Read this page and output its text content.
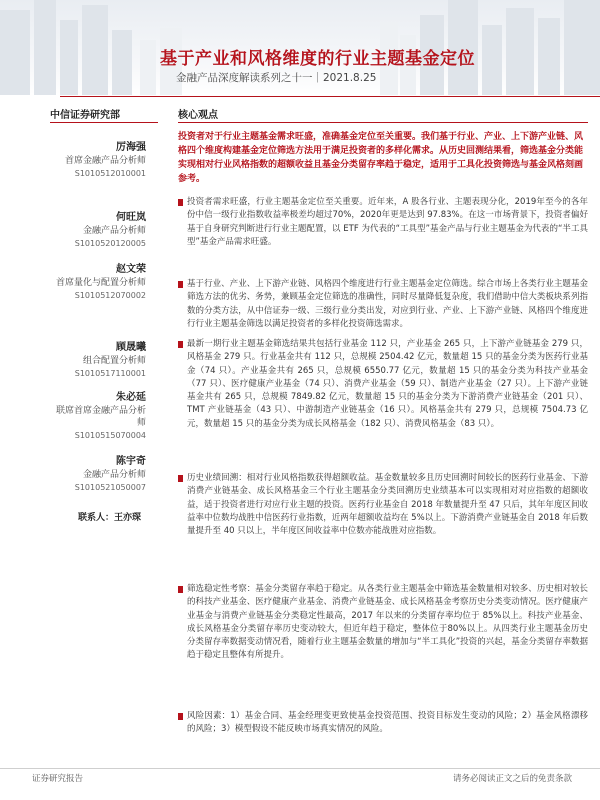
基于产业和风格维度的行业主题基金定位
金融产品深度解读系列之十一｜2021.8.25
中信证券研究部
厉海强
首席金融产品分析师
S1010512010001
何旺岚
金融产品分析师
S1010520120005
赵文荣
首席量化与配置分析师
S1010512070002
顾晟曦
组合配置分析师
S1010517110001
朱必延
联席首席金融产品分析师
S1010515070004
陈宇奇
金融产品分析师
S1010521050007
联系人：王亦琛
核心观点
投资者对于行业主题基金需求旺盛，准确基金定位至关重要。我们基于行业、产业、上下游产业链、风格四个维度构建基金定位筛选方法用于满足投资者的多样化需求。从历史回测结果看，筛选基金分类能实现相对行业风格指数的超额收益且基金分类留存率趋于稳定，适用于工具化投资筛选与基金风格刻画参考。
投资者需求旺盛，行业主题基金定位至关重要。近年来，A 股各行业、主题表现分化，2019年至今的各年份中信一级行业指数收益率极差均超过70%，2020年更是达到 97.83%。在这一市场背景下，投资者偏好基于自身研究判断进行行业主题配置，以 ETF 为代表的“工具型”基金产品与行业主题基金为代表的“半工具型”基金产品需求旺盛。
基于行业、产业、上下游产业链、风格四个维度进行行业主题基金定位筛选。综合市场上各类行业主题基金筛选方法的优劣、务势，兼顾基金定位筛选的准确性，同时尽量降低复杂度，我们借助中信大类板块系列指数的分类方法，从中信证券一级、三级行业分类出发，对应到行业、产业、上下游产业链、风格四个维度进行行业主题基金筛选以满足投资者的多样化投资筛选需求。
最新一期行业主题基金筛选结果共包括行业基金 112 只，产业基金 265 只，上下游产业链基金 279 只，风格基金 279 只。行业基金共有 112 只，总规模 2504.42 亿元，数量超 15 只的基金分类为医药行业基金（74 只）。产业基金共有 265 只，总规模 6550.77 亿元，数量超 15 只的基金分类为科技产业基金（77 只）、医疗健康产业基金（74 只）、消费产业基金（59 只）、制造产业基金（27 只）。上下游产业链基金共有 265 只，总规模 7849.82 亿元，数量超 15 只的基金分类为下游消费产业链基金（201 只）、TMT 产业链基金（43 只）、中游制造产业链基金（16 只）。风格基金共有 279 只，总规模 7504.73 亿元，数量超 15 只的基金分类为成长风格基金（182 只）、消费风格基金（83 只）。
历史业绩回溯：相对行业风格指数获得超额收益。基金数量较多且历史回溯时间较长的医药行业基金、下游消费产业链基金、成长风格基金三个行业主题基金分类回溯历史业绩基本可以实现相对对应指数的超额收益，适于投资者进行对应行业主题的投资。医药行业基金自 2018 年数量提升至 47 只后，其年年度区间收益率中位数均战胜中信医药行业指数，近两年超额收益均在 5%以上。下游消费产业链基金自 2018 年后数量提升至 40 只以上，半年度区间收益率中位数亦能战胜对应指数。
筛选稳定性考察：基金分类留存率趋于稳定。从各类行业主题基金中筛选基金数量相对较多、历史相对较长的科技产业基金、医疗健康产业基金、消费产业链基金、成长风格基金考察历史分类变动情况。医疗健康产业基金与消费产业链基金分类稳定性最高，2017 年以来的分类留存率均位于 85%以上。科技产业基金、成长风格基金分类留存率历史变动较大，但近年趋于稳定，整体位于80%以上。从四类行业主题基金历史分类留存率数据变动情况看，随着行业主题基金数量的增加与“半工具化”投资的兴起，基金分类留存率数据趋于稳定且整体有所提升。
风险因素：1）基金合同、基金经理变更致使基金投资范围、投资目标发生变动的风险；2）基金风格漂移的风险；3）模型假设不能反映市场真实情况的风险。
证券研究报告	请务必阅读正文之后的免责条款
